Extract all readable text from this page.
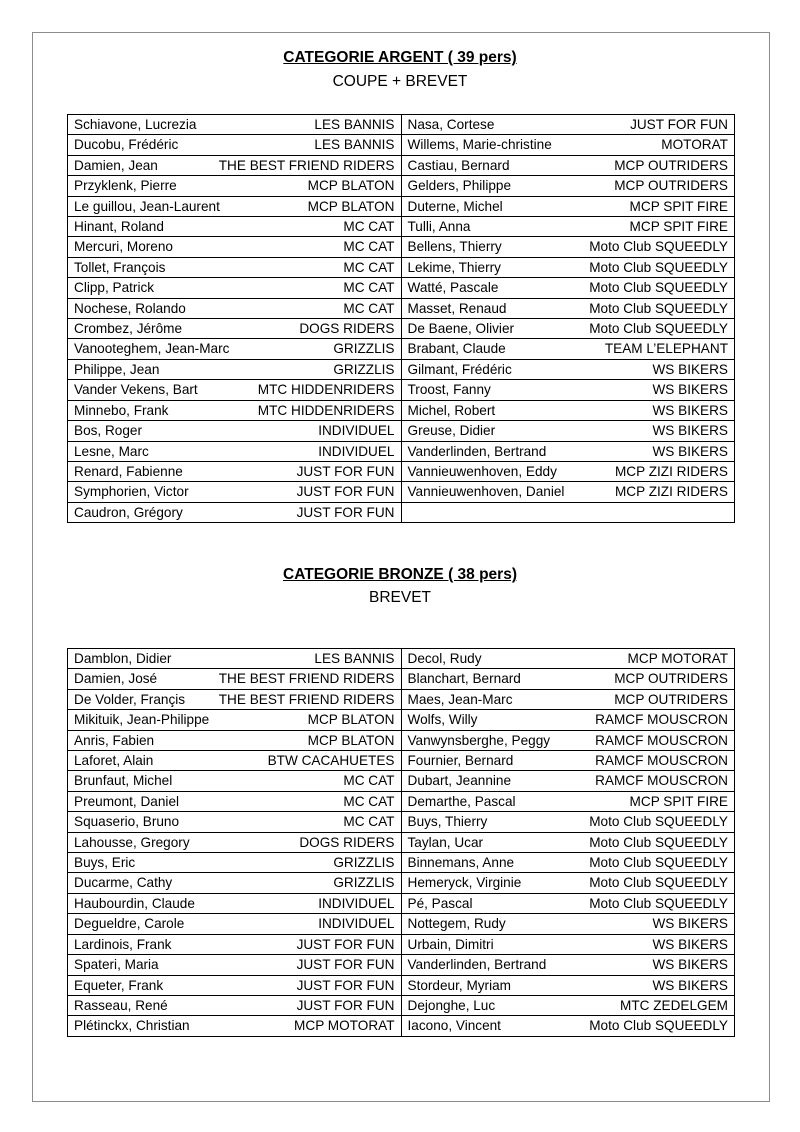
CATEGORIE ARGENT ( 39 pers)
COUPE + BREVET
Schiavone, Lucrezia LES BANNIS	Nasa, Cortese JUST FOR FUN

Ducobu, Frédéric LES BANNIS	Willems, Marie-christine MOTORAT

Damien, Jean THE BEST FRIEND RIDERS	Castiau, Bernard MCP OUTRIDERS

Przyklenk, Pierre MCP BLATON	Gelders, Philippe MCP OUTRIDERS

Le guillou, Jean-Laurent MCP BLATON	Duterne, Michel MCP SPIT FIRE

Hinant, Roland MC CAT	Tulli, Anna MCP SPIT FIRE

Mercuri, Moreno MC CAT	Bellens, Thierry Moto Club SQUEEDLY

Tollet, François MC CAT	Lekime, Thierry Moto Club SQUEEDLY

Clipp, Patrick MC CAT	Watté, Pascale Moto Club SQUEEDLY

Nochese, Rolando MC CAT	Masset, Renaud Moto Club SQUEEDLY

Crombez, Jérôme DOGS RIDERS	De Baene, Olivier Moto Club SQUEEDLY

Vanooteghem, Jean-Marc GRIZZLIS	Brabant, Claude TEAM L’ELEPHANT

Philippe, Jean GRIZZLIS	Gilmant, Frédéric WS BIKERS

Vander Vekens, Bart MTC HIDDENRIDERS	Troost, Fanny WS BIKERS

Minnebo, Frank MTC HIDDENRIDERS	Michel, Robert WS BIKERS

Bos, Roger INDIVIDUEL	Greuse, Didier WS BIKERS

Lesne, Marc INDIVIDUEL	Vanderlinden, Bertrand WS BIKERS

Renard, Fabienne JUST FOR FUN	Vannieuwenhoven, Eddy MCP ZIZI RIDERS

Symphorien, Victor JUST FOR FUN	Vannieuwenhoven, Daniel MCP ZIZI RIDERS

Caudron, Grégory JUST FOR FUN	

CATEGORIE BRONZE ( 38 pers)
BREVET
Damblon, Didier LES BANNIS	Decol, Rudy MCP MOTORAT

Damien, José THE BEST FRIEND RIDERS	Blanchart, Bernard MCP OUTRIDERS

De Volder, Françis THE BEST FRIEND RIDERS	Maes, Jean-Marc MCP OUTRIDERS

Mikituik, Jean-Philippe MCP BLATON	Wolfs, Willy RAMCF MOUSCRON

Anris, Fabien MCP BLATON	Vanwynsberghe, Peggy RAMCF MOUSCRON

Laforet, Alain BTW CACAHUETES	Fournier, Bernard RAMCF MOUSCRON

Brunfaut, Michel MC CAT	Dubart, Jeannine RAMCF MOUSCRON

Preumont, Daniel MC CAT	Demarthe, Pascal MCP SPIT FIRE

Squaserio, Bruno MC CAT	Buys, Thierry Moto Club SQUEEDLY

Lahousse, Gregory DOGS RIDERS	Taylan, Ucar Moto Club SQUEEDLY

Buys, Eric GRIZZLIS	Binnemans, Anne Moto Club SQUEEDLY

Ducarme, Cathy GRIZZLIS	Hemeryck, Virginie Moto Club SQUEEDLY

Haubourdin, Claude INDIVIDUEL	Pé, Pascal Moto Club SQUEEDLY

Degueldre, Carole INDIVIDUEL	Nottegem, Rudy WS BIKERS

Lardinois, Frank JUST FOR FUN	Urbain, Dimitri WS BIKERS

Spateri, Maria JUST FOR FUN	Vanderlinden, Bertrand WS BIKERS

Equeter, Frank JUST FOR FUN	Stordeur, Myriam WS BIKERS

Rasseau, René JUST FOR FUN	Dejonghe, Luc MTC ZEDELGEM

Plétinckx, Christian MCP MOTORAT	Iacono, Vincent Moto Club SQUEEDLY
